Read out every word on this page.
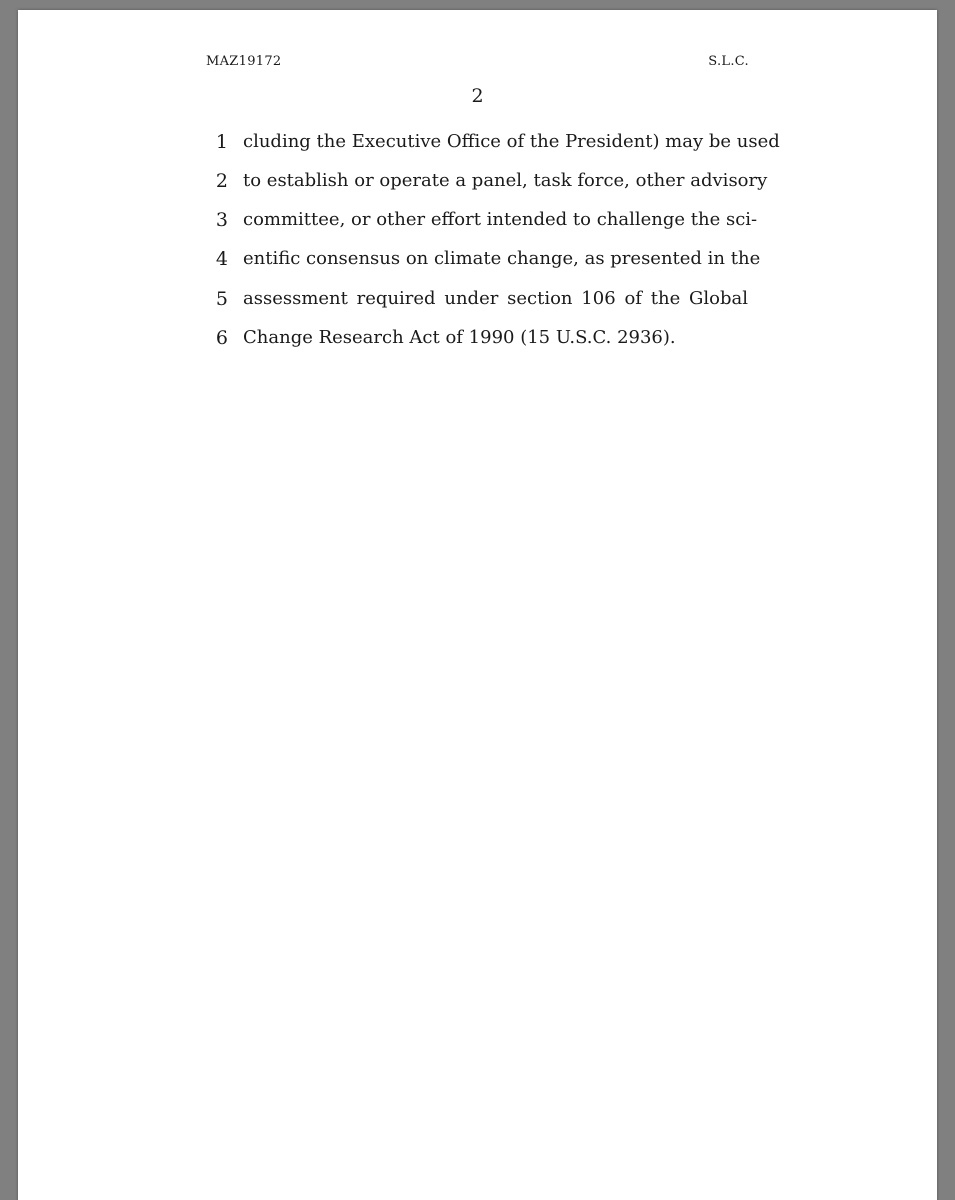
MAZ19172	S.L.C.
2
1 cluding the Executive Office of the President) may be used
2 to establish or operate a panel, task force, other advisory
3 committee, or other effort intended to challenge the sci-
4 entific consensus on climate change, as presented in the
5 assessment required under section 106 of the Global
6 Change Research Act of 1990 (15 U.S.C. 2936).
